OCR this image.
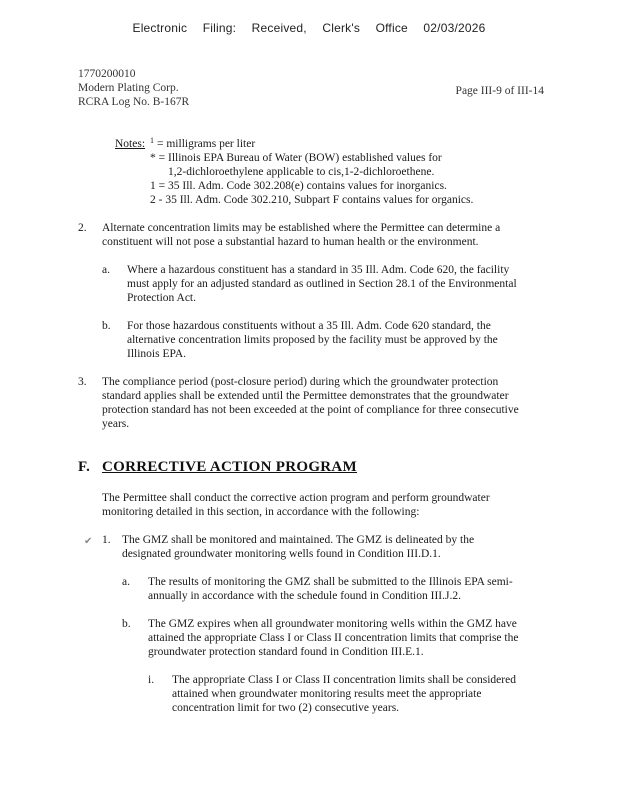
Electronic Filing: Received, Clerk's Office 02/03/2026
1770200010
Modern Plating Corp.
RCRA Log No. B-167R
Page III-9 of III-14
Notes: 1 = milligrams per liter
* = Illinois EPA Bureau of Water (BOW) established values for
1,2-dichloroethylene applicable to cis,1-2-dichloroethene.
1 = 35 Ill. Adm. Code 302.208(e) contains values for inorganics.
2 - 35 Ill. Adm. Code 302.210, Subpart F contains values for organics.
2. Alternate concentration limits may be established where the Permittee can determine a
constituent will not pose a substantial hazard to human health or the environment.
a. Where a hazardous constituent has a standard in 35 Ill. Adm. Code 620, the facility
must apply for an adjusted standard as outlined in Section 28.1 of the Environmental
Protection Act.
b. For those hazardous constituents without a 35 Ill. Adm. Code 620 standard, the
alternative concentration limits proposed by the facility must be approved by the
Illinois EPA.
3. The compliance period (post-closure period) during which the groundwater protection
standard applies shall be extended until the Permittee demonstrates that the groundwater
protection standard has not been exceeded at the point of compliance for three consecutive
years.
F. CORRECTIVE ACTION PROGRAM
The Permittee shall conduct the corrective action program and perform groundwater
monitoring detailed in this section, in accordance with the following:
✔ 1. The GMZ shall be monitored and maintained. The GMZ is delineated by the
designated groundwater monitoring wells found in Condition III.D.1.
a. The results of monitoring the GMZ shall be submitted to the Illinois EPA semi-
annually in accordance with the schedule found in Condition III.J.2.
b. The GMZ expires when all groundwater monitoring wells within the GMZ have
attained the appropriate Class I or Class II concentration limits that comprise the
groundwater protection standard found in Condition III.E.1.
i. The appropriate Class I or Class II concentration limits shall be considered
attained when groundwater monitoring results meet the appropriate
concentration limit for two (2) consecutive years.
